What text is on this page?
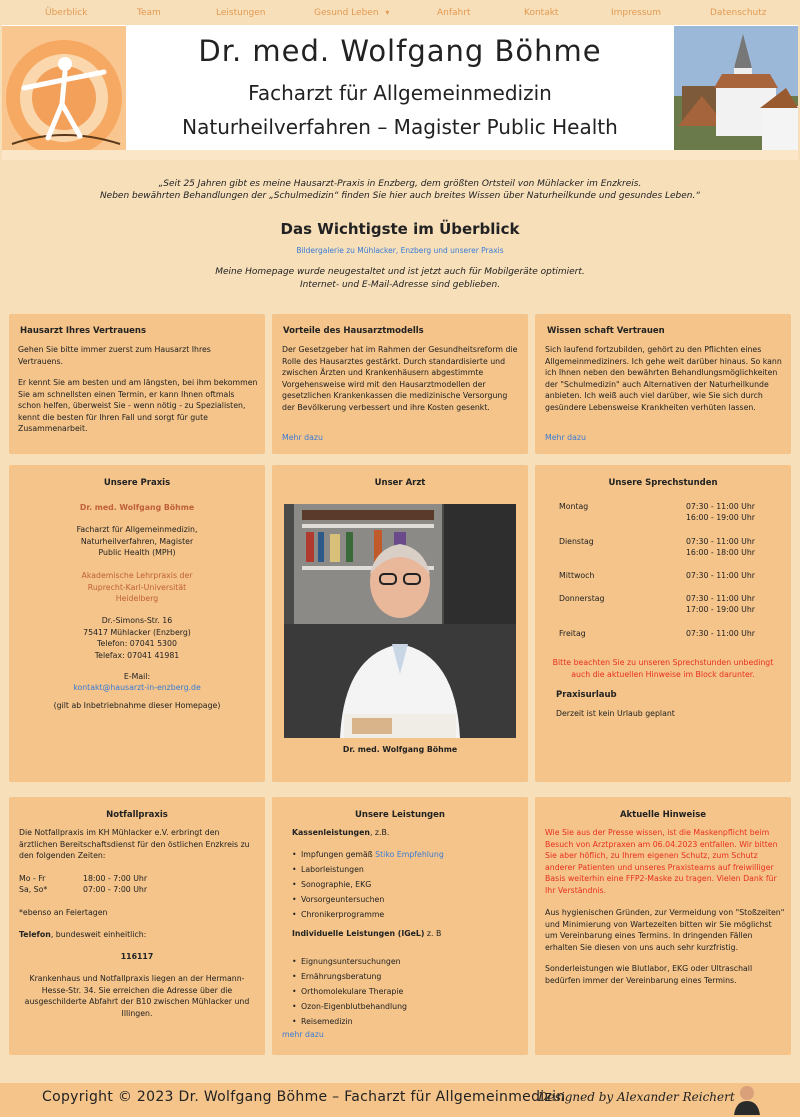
Überblick	Team	Leistungen	Gesund Leben ▾	Anfahrt	Kontakt	Impressum	Datenschutz
Dr. med. Wolfgang Böhme
Facharzt für Allgemeinmedizin
Naturheilverfahren – Magister Public Health
„Seit 25 Jahren gibt es meine Hausarzt-Praxis in Enzberg, dem größten Ortsteil von Mühlacker im Enzkreis.
Neben bewährten Behandlungen der „Schulmedizin“ finden Sie hier auch breites Wissen über Naturheilkunde und gesundes Leben.“
Das Wichtigste im Überblick
Bildergalerie zu Mühlacker, Enzberg und unserer Praxis
Meine Homepage wurde neugestaltet und ist jetzt auch für Mobilgeräte optimiert.
Internet- und E-Mail-Adresse sind geblieben.
Hausarzt Ihres Vertrauens
Gehen Sie bitte immer zuerst zum Hausarzt Ihres Vertrauens.
Er kennt Sie am besten und am längsten, bei ihm bekommen Sie am schnellsten einen Termin, er kann Ihnen oftmals schon helfen, überweist Sie - wenn nötig - zu Spezialisten, kennt die besten für Ihren Fall und sorgt für gute Zusammenarbeit.
Vorteile des Hausarztmodells
Der Gesetzgeber hat im Rahmen der Gesundheitsreform die Rolle des Hausarztes gestärkt. Durch standardisierte und zwischen Ärzten und Krankenhäusern abgestimmte Vorgehensweise wird mit den Hausarztmodellen der gesetzlichen Krankenkassen die medizinische Versorgung der Bevölkerung verbessert und ihre Kosten gesenkt.
Mehr dazu
Wissen schaft Vertrauen
Sich laufend fortzubilden, gehört zu den Pflichten eines Allgemeinmediziners. Ich gehe weit darüber hinaus. So kann ich Ihnen neben den bewährten Behandlungsmöglichkeiten der "Schulmedizin" auch Alternativen der Naturheilkunde anbieten. Ich weiß auch viel darüber, wie Sie sich durch gesündere Lebensweise Krankheiten verhüten lassen.
Mehr dazu
Unsere Praxis
Dr. med. Wolfgang Böhme
Facharzt für Allgemeinmedizin,
Naturheilverfahren, Magister
Public Health (MPH)
Akademische Lehrpraxis der
Ruprecht-Karl-Universität
Heidelberg
Dr.-Simons-Str. 16
75417 Mühlacker (Enzberg)
Telefon: 07041 5300
Telefax: 07041 41981
E-Mail:
kontakt@hausarzt-in-enzberg.de
(gilt ab Inbetriebnahme dieser Homepage)
Unser Arzt
Dr. med. Wolfgang Böhme
Unsere Sprechstunden
Montag	07:30 - 11:00 Uhr
16:00 - 19:00 Uhr
Dienstag	07:30 - 11:00 Uhr
16:00 - 18:00 Uhr
Mittwoch	07:30 - 11:00 Uhr
Donnerstag	07:30 - 11:00 Uhr
17:00 - 19:00 Uhr
Freitag	07:30 - 11:00 Uhr
Bitte beachten Sie zu unseren Sprechstunden unbedingt auch die aktuellen Hinweise im Block darunter.
Praxisurlaub
Derzeit ist kein Urlaub geplant
Notfallpraxis
Die Notfallpraxis im KH Mühlacker e.V. erbringt den ärztlichen Bereitschaftsdienst für den östlichen Enzkreis zu den folgenden Zeiten:
Mo - Fr	18:00 - 7:00 Uhr
Sa, So*	07:00 - 7:00 Uhr
*ebenso an Feiertagen
Telefon, bundesweit einheitlich:
116117
Krankenhaus und Notfallpraxis liegen an der Hermann-Hesse-Str. 34. Sie erreichen die Adresse über die ausgeschilderte Abfahrt der B10 zwischen Mühlacker und Illingen.
Unsere Leistungen
Kassenleistungen, z.B.
• Impfungen gemäß Stiko Empfehlung
• Laborleistungen
• Sonographie, EKG
• Vorsorgeuntersuchen
• Chronikerprogramme
Individuelle Leistungen (IGeL) z. B
• Eignungsuntersuchungen
• Ernährungsberatung
• Orthomolekulare Therapie
• Ozon-Eigenblutbehandlung
• Reisemedizin
mehr dazu
Aktuelle Hinweise
Wie Sie aus der Presse wissen, ist die Maskenpflicht beim Besuch von Arztpraxen am 06.04.2023 entfallen. Wir bitten Sie aber höflich, zu Ihrem eigenen Schutz, zum Schutz anderer Patienten und unseres Praxisteams auf freiwilliger Basis weiterhin eine FFP2-Maske zu tragen. Vielen Dank für Ihr Verständnis.
Aus hygienischen Gründen, zur Vermeidung von "Stoßzeiten" und Minimierung von Wartezeiten bitten wir Sie möglichst um Vereinbarung eines Termins. In dringenden Fällen erhalten Sie diesen von uns auch sehr kurzfristig.
Sonderleistungen wie Blutlabor, EKG oder Ultraschall bedürfen immer der Vereinbarung eines Termins.
Copyright © 2023 Dr. Wolfgang Böhme – Facharzt für Allgemeinmedizin
Designed by Alexander Reichert
